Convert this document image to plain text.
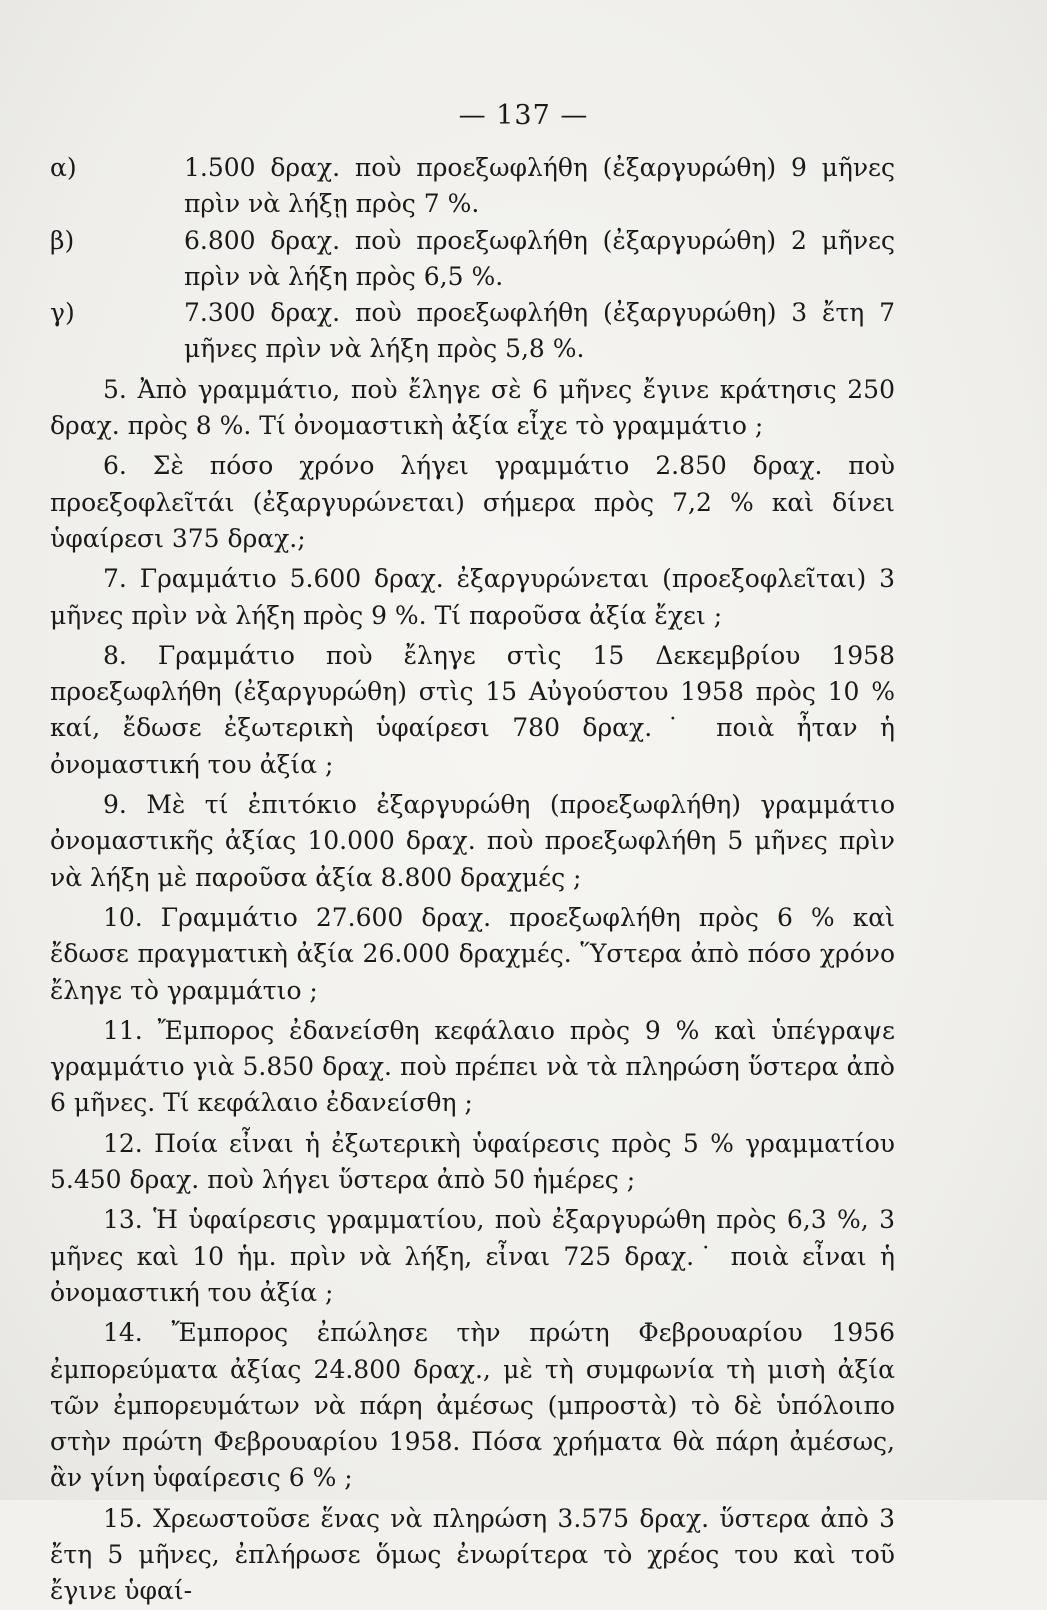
— 137 —
α)	1.500 δραχ. ποὺ προεξωφλήθη (ἐξαργυρώθη) 9 μῆνες πρὶν νὰ λήξῃ πρὸς 7 %.
β)	6.800 δραχ. ποὺ προεξωφλήθη (ἐξαργυρώθη) 2 μῆνες πρὶν νὰ λήξη πρὸς 6,5 %.
γ)	7.300 δραχ. ποὺ προεξωφλήθη (ἐξαργυρώθη) 3 ἔτη 7 μῆνες πρὶν νὰ λήξη πρὸς 5,8 %.
5. Ἀπὸ γραμμάτιο, ποὺ ἔληγε σὲ 6 μῆνες ἔγινε κράτησις 250 δραχ. πρὸς 8 %. Τί ὀνομαστικὴ ἀξία εἶχε τὸ γραμμάτιο ;
6. Σὲ πόσο χρόνο λήγει γραμμάτιο 2.850 δραχ. ποὺ προεξοφλεῖτάι (ἐξαργυρώνεται) σήμερα πρὸς 7,2 % καὶ δίνει ὑφαίρεσι 375 δραχ.;
7. Γραμμάτιο 5.600 δραχ. ἐξαργυρώνεται (προεξοφλεῖται) 3 μῆνες πρὶν νὰ λήξη πρὸς 9 %. Τί παροῦσα ἀξία ἔχει ;
8. Γραμμάτιο ποὺ ἔληγε στὶς 15 Δεκεμβρίου 1958 προεξωφλήθη (ἐξαργυρώθη) στὶς 15 Αὐγούστου 1958 πρὸς 10 % καί, ἔδωσε ἐξωτερικὴ ὑφαίρεσι 780 δραχ.˙ ποιὰ ἦταν ἡ ὀνομαστική του ἀξία ;
9. Μὲ τί ἐπιτόκιο ἐξαργυρώθη (προεξωφλήθη) γραμμάτιο ὀνομαστικῆς ἀξίας 10.000 δραχ. ποὺ προεξωφλήθη 5 μῆνες πρὶν νὰ λήξη μὲ παροῦσα ἀξία 8.800 δραχμές ;
10. Γραμμάτιο 27.600 δραχ. προεξωφλήθη πρὸς 6 % καὶ ἔδωσε πραγματικὴ ἀξία 26.000 δραχμές. Ὕστερα ἀπὸ πόσο χρόνο ἔληγε τὸ γραμμάτιο ;
11. Ἔμπορος ἐδανείσθη κεφάλαιο πρὸς 9 % καὶ ὑπέγραψε γραμμάτιο γιὰ 5.850 δραχ. ποὺ πρέπει νὰ τὰ πληρώση ὕστερα ἀπὸ 6 μῆνες. Τί κεφάλαιο ἐδανείσθη ;
12. Ποία εἶναι ἡ ἐξωτερικὴ ὑφαίρεσις πρὸς 5 % γραμματίου 5.450 δραχ. ποὺ λήγει ὕστερα ἀπὸ 50 ἡμέρες ;
13. Ἡ ὑφαίρεσις γραμματίου, ποὺ ἐξαργυρώθη πρὸς 6,3 %, 3 μῆνες καὶ 10 ἡμ. πρὶν νὰ λήξη, εἶναι 725 δραχ.˙ ποιὰ εἶναι ἡ ὀνομαστική του ἀξία ;
14. Ἔμπορος ἐπώλησε τὴν πρώτη Φεβρουαρίου 1956 ἐμπορεύματα ἀξίας 24.800 δραχ., μὲ τὴ συμφωνία τὴ μισὴ ἀξία τῶν ἐμπορευμάτων νὰ πάρη ἀμέσως (μπροστὰ) τὸ δὲ ὑπόλοιπο στὴν πρώτη Φεβρουαρίου 1958. Πόσα χρήματα θὰ πάρη ἀμέσως, ἂν γίνη ὑφαίρεσις 6 % ;
15. Χρεωστοῦσε ἕνας νὰ πληρώση 3.575 δραχ. ὕστερα ἀπὸ 3 ἔτη 5 μῆνες, ἐπλήρωσε ὅμως ἐνωρίτερα τὸ χρέος του καὶ τοῦ ἔγινε ὑφαί-
